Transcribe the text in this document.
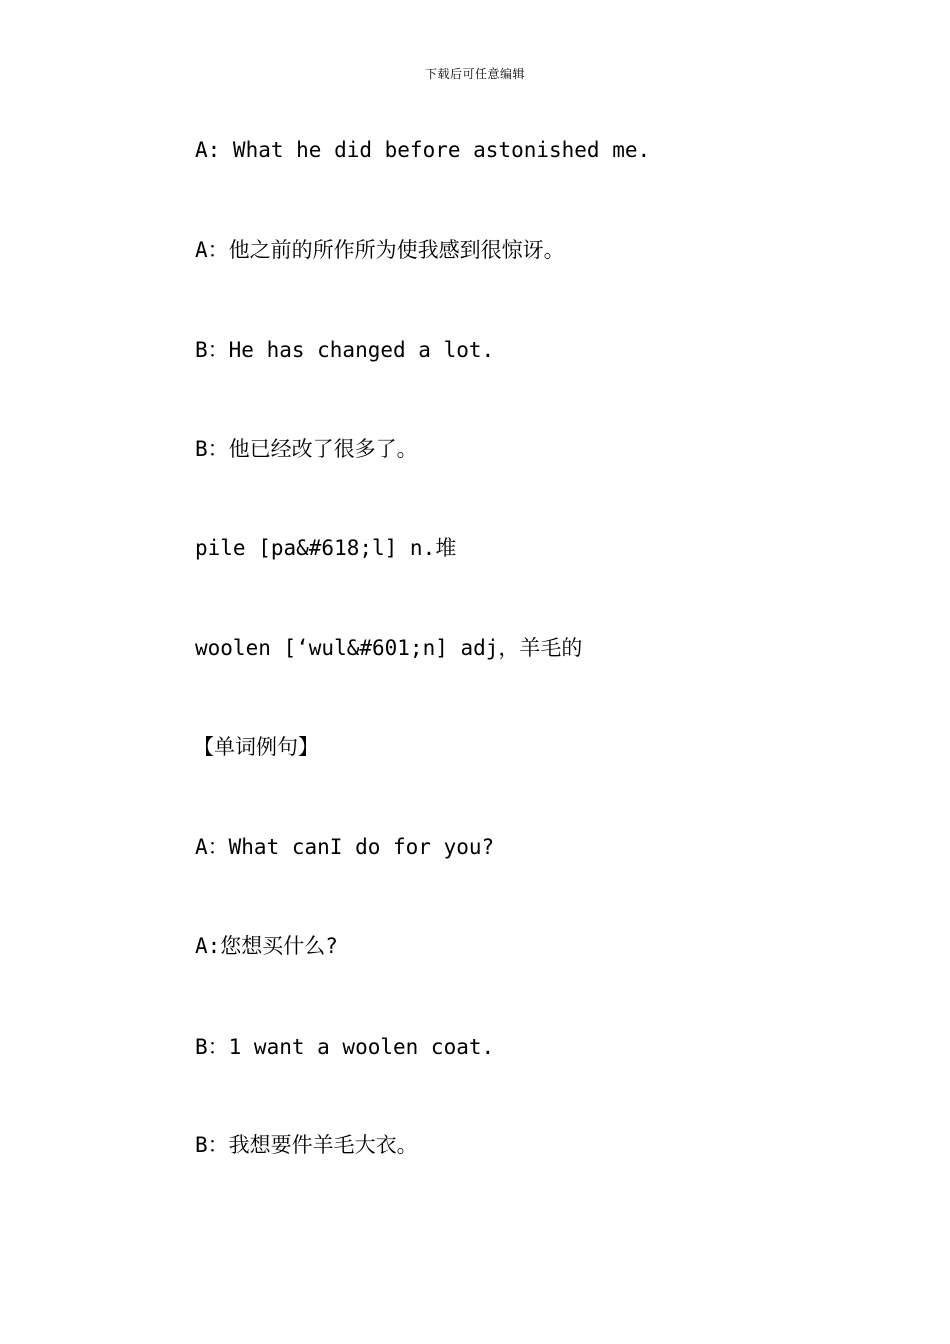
下载后可任意编辑
A: What he did before astonished me.
A：他之前的所作所为使我感到很惊讶。
B：He has changed a lot.
B：他已经改了很多了。
pile [pa&#618;l] n.堆
woolen [‘wul&#601;n] adj，羊毛的
【单词例句】
A：What canI do for you?
A:您想买什么?
B：1 want a woolen coat.
B：我想要件羊毛大衣。
